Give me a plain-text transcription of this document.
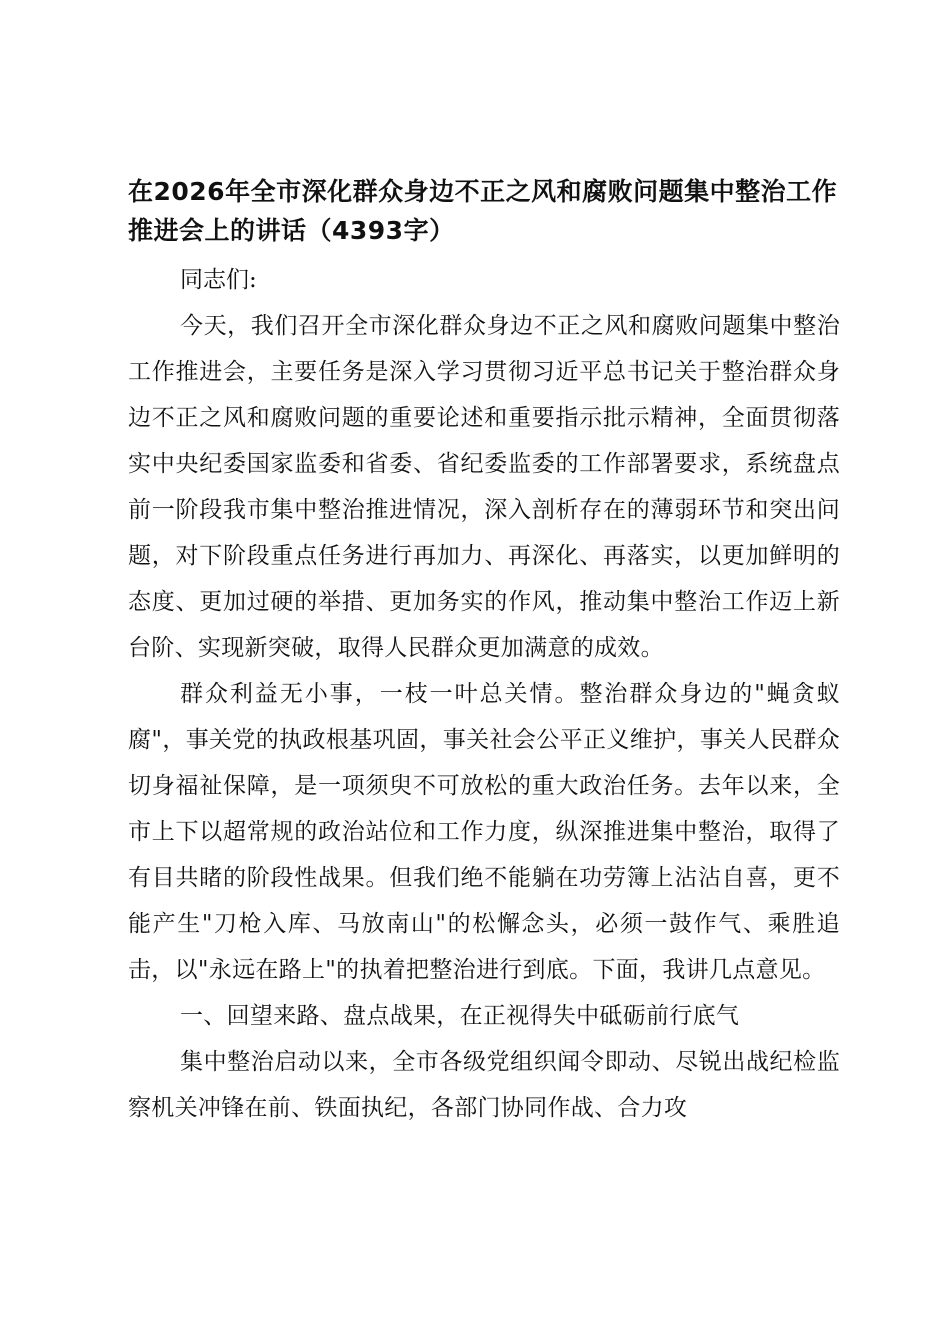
在2026年全市深化群众身边不正之风和腐败问题集中整治工作推进会上的讲话（4393字）

同志们:

今天，我们召开全市深化群众身边不正之风和腐败问题集中整治工作推进会，主要任务是深入学习贯彻习近平总书记关于整治群众身边不正之风和腐败问题的重要论述和重要指示批示精神，全面贯彻落实中央纪委国家监委和省委、省纪委监委的工作部署要求，系统盘点前一阶段我市集中整治推进情况，深入剖析存在的薄弱环节和突出问题，对下阶段重点任务进行再加力、再深化、再落实，以更加鲜明的态度、更加过硬的举措、更加务实的作风，推动集中整治工作迈上新台阶、实现新突破，取得人民群众更加满意的成效。

群众利益无小事，一枝一叶总关情。整治群众身边的"蝇贪蚁腐"，事关党的执政根基巩固，事关社会公平正义维护，事关人民群众切身福祉保障，是一项须臾不可放松的重大政治任务。去年以来，全市上下以超常规的政治站位和工作力度，纵深推进集中整治，取得了有目共睹的阶段性战果。但我们绝不能躺在功劳簿上沾沾自喜，更不能产生"刀枪入库、马放南山"的松懈念头，必须一鼓作气、乘胜追击，以"永远在路上"的执着把整治进行到底。下面，我讲几点意见。

一、回望来路、盘点战果，在正视得失中砥砺前行底气

集中整治启动以来，全市各级党组织闻令即动、尽锐出战纪检监察机关冲锋在前、铁面执纪，各部门协同作战、合力攻
